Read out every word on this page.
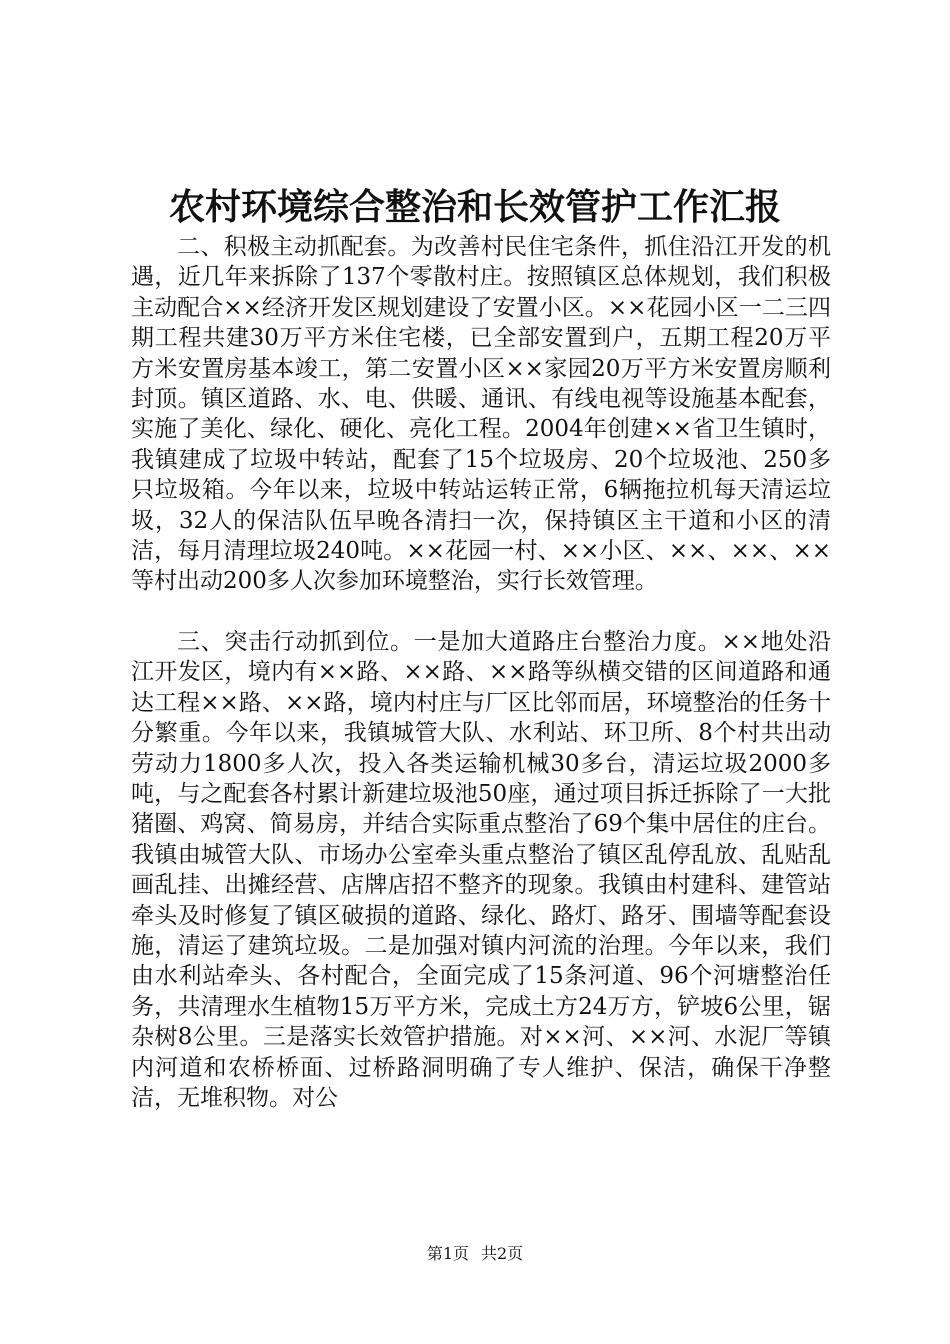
农村环境综合整治和长效管护工作汇报

二、积极主动抓配套。为改善村民住宅条件，抓住沿江开发的机遇，近几年来拆除了137个零散村庄。按照镇区总体规划，我们积极主动配合××经济开发区规划建设了安置小区。××花园小区一二三四期工程共建30万平方米住宅楼，已全部安置到户，五期工程20万平方米安置房基本竣工，第二安置小区××家园20万平方米安置房顺利封顶。镇区道路、水、电、供暖、通讯、有线电视等设施基本配套，实施了美化、绿化、硬化、亮化工程。2004年创建××省卫生镇时，我镇建成了垃圾中转站，配套了15个垃圾房、20个垃圾池、250多只垃圾箱。今年以来，垃圾中转站运转正常，6辆拖拉机每天清运垃圾，32人的保洁队伍早晚各清扫一次，保持镇区主干道和小区的清洁，每月清理垃圾240吨。××花园一村、××小区、××、××、××等村出动200多人次参加环境整治，实行长效管理。

三、突击行动抓到位。一是加大道路庄台整治力度。××地处沿江开发区，境内有××路、××路、××路等纵横交错的区间道路和通达工程××路、××路，境内村庄与厂区比邻而居，环境整治的任务十分繁重。今年以来，我镇城管大队、水利站、环卫所、8个村共出动劳动力1800多人次，投入各类运输机械30多台，清运垃圾2000多吨，与之配套各村累计新建垃圾池50座，通过项目拆迁拆除了一大批猪圈、鸡窝、简易房，并结合实际重点整治了69个集中居住的庄台。我镇由城管大队、市场办公室牵头重点整治了镇区乱停乱放、乱贴乱画乱挂、出摊经营、店牌店招不整齐的现象。我镇由村建科、建管站牵头及时修复了镇区破损的道路、绿化、路灯、路牙、围墙等配套设施，清运了建筑垃圾。二是加强对镇内河流的治理。今年以来，我们由水利站牵头、各村配合，全面完成了15条河道、96个河塘整治任务，共清理水生植物15万平方米，完成土方24万方，铲坡6公里，锯杂树8公里。三是落实长效管护措施。对××河、××河、水泥厂等镇内河道和农桥桥面、过桥路洞明确了专人维护、保洁，确保干净整洁，无堆积物。对公

第1页 共2页
